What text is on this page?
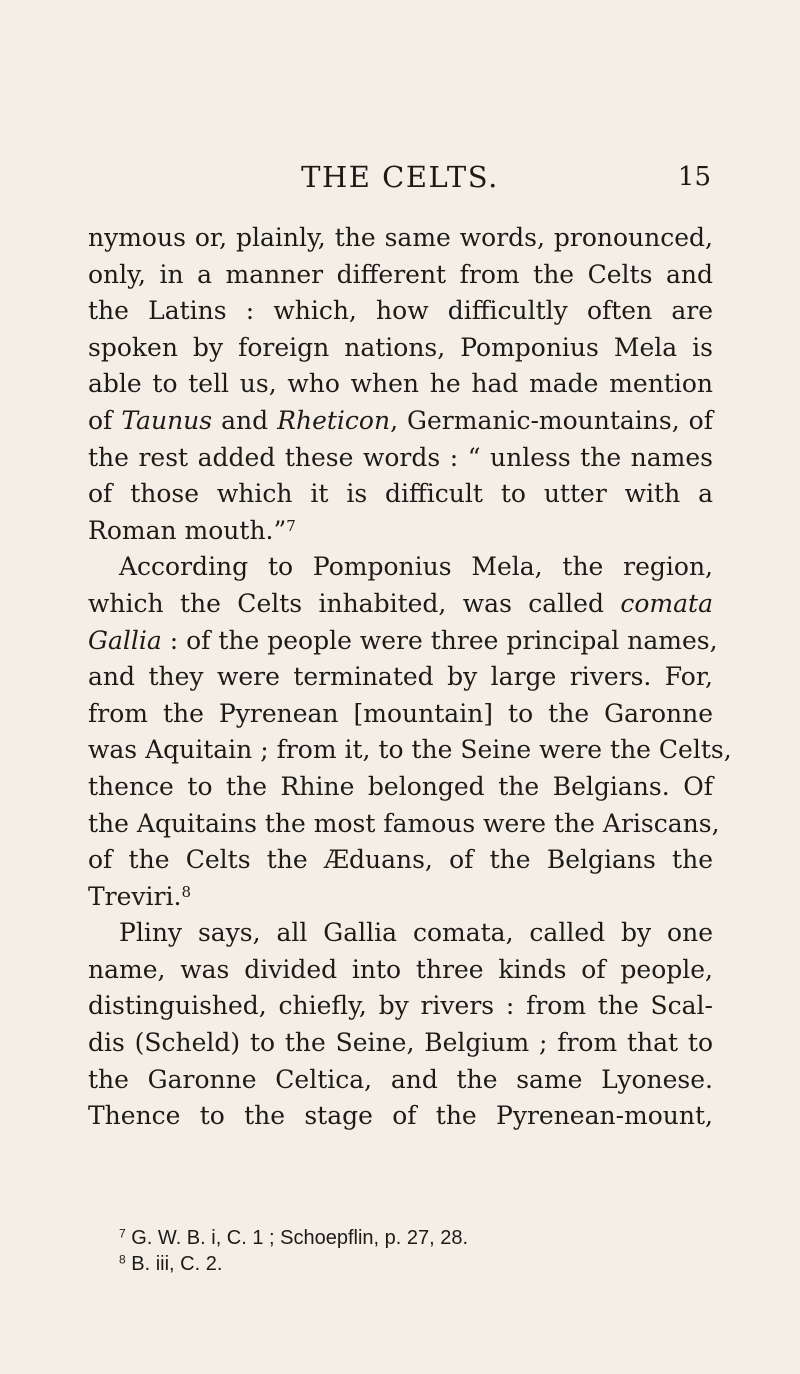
THE CELTS.	15
nymous or, plainly, the same words, pronounced,
only, in a manner different from the Celts and
the Latins : which, how difficultly often are
spoken by foreign nations, Pomponius Mela is
able to tell us, who when he had made mention
of Taunus and Rheticon, Germanic-mountains, of
the rest added these words : “ unless the names
of those which it is difficult to utter with a
Roman mouth.”$^7$
According to Pomponius Mela, the region,
which the Celts inhabited, was called comata
Gallia : of the people were three principal names,
and they were terminated by large rivers. For,
from the Pyrenean [mountain] to the Garonne
was Aquitain ; from it, to the Seine were the Celts,
thence to the Rhine belonged the Belgians. Of
the Aquitains the most famous were the Ariscans,
of the Celts the Æduans, of the Belgians the
Treviri.$^8$
Pliny says, all Gallia comata, called by one
name, was divided into three kinds of people,
distinguished, chiefly, by rivers : from the Scal-
dis (Scheld) to the Seine, Belgium ; from that to
the Garonne Celtica, and the same Lyonese.
Thence to the stage of the Pyrenean-mount,
$^7$ G. W. B. i, C. 1 ; Schoepflin, p. 27, 28.
$^8$ B. iii, C. 2.
